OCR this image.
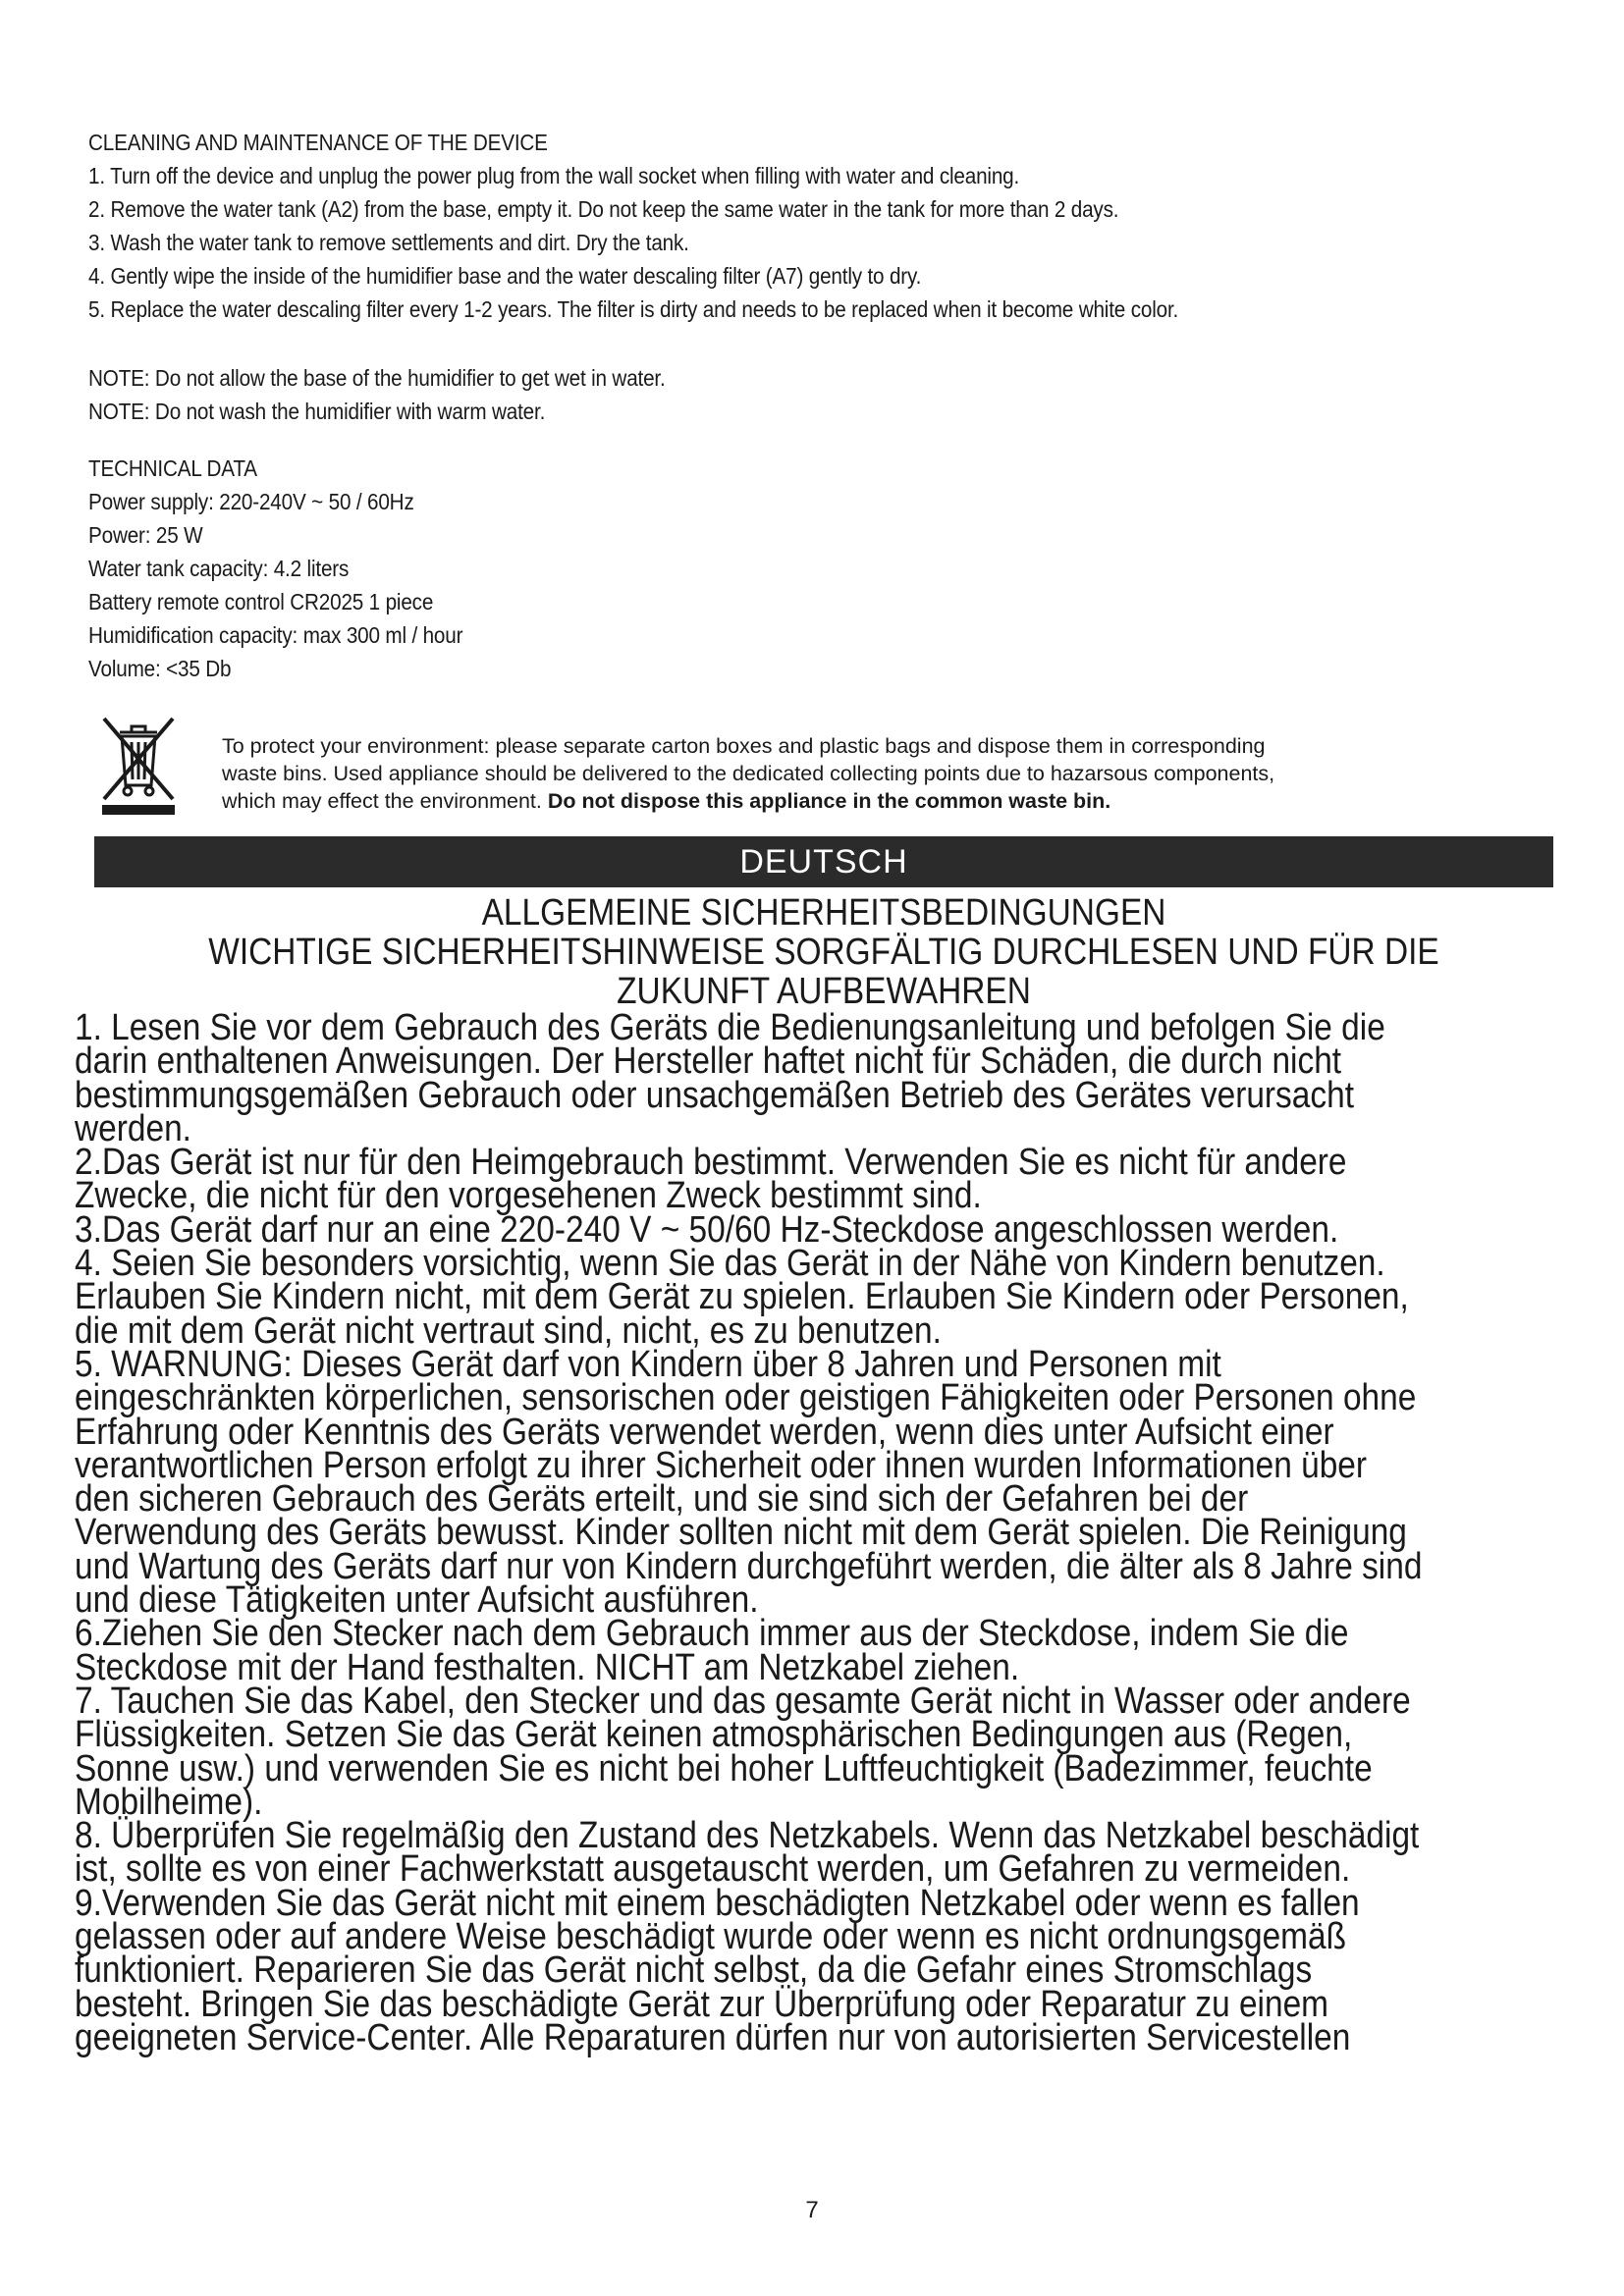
CLEANING AND MAINTENANCE OF THE DEVICE
1. Turn off the device and unplug the power plug from the wall socket when filling with water and cleaning.
2. Remove the water tank (A2) from the base, empty it. Do not keep the same water in the tank for more than 2 days.
3. Wash the water tank to remove settlements and dirt. Dry the tank.
4. Gently wipe the inside of the humidifier base and the water descaling filter (A7) gently to dry.
5. Replace the water descaling filter every 1-2 years. The filter is dirty and needs to be replaced when it become white color.
NOTE: Do not allow the base of the humidifier to get wet in water.
NOTE: Do not wash the humidifier with warm water.
TECHNICAL DATA
Power supply: 220-240V ~ 50 / 60Hz
Power: 25 W
Water tank capacity: 4.2 liters
Battery remote control CR2025 1 piece
Humidification capacity: max 300 ml / hour
Volume: <35 Db
To protect your environment: please separate carton boxes and plastic bags and dispose them in corresponding
waste bins. Used appliance should be delivered to the dedicated collecting points due to hazarsous components,
which may effect the environment. Do not dispose this appliance in the common waste bin.
DEUTSCH
ALLGEMEINE SICHERHEITSBEDINGUNGEN
WICHTIGE SICHERHEITSHINWEISE SORGFÄLTIG DURCHLESEN UND FÜR DIE
ZUKUNFT AUFBEWAHREN
1. Lesen Sie vor dem Gebrauch des Geräts die Bedienungsanleitung und befolgen Sie die
darin enthaltenen Anweisungen. Der Hersteller haftet nicht für Schäden, die durch nicht
bestimmungsgemäßen Gebrauch oder unsachgemäßen Betrieb des Gerätes verursacht
werden.
2.Das Gerät ist nur für den Heimgebrauch bestimmt. Verwenden Sie es nicht für andere
Zwecke, die nicht für den vorgesehenen Zweck bestimmt sind.
3.Das Gerät darf nur an eine 220-240 V ~ 50/60 Hz-Steckdose angeschlossen werden.
4. Seien Sie besonders vorsichtig, wenn Sie das Gerät in der Nähe von Kindern benutzen.
Erlauben Sie Kindern nicht, mit dem Gerät zu spielen. Erlauben Sie Kindern oder Personen,
die mit dem Gerät nicht vertraut sind, nicht, es zu benutzen.
5. WARNUNG: Dieses Gerät darf von Kindern über 8 Jahren und Personen mit
eingeschränkten körperlichen, sensorischen oder geistigen Fähigkeiten oder Personen ohne
Erfahrung oder Kenntnis des Geräts verwendet werden, wenn dies unter Aufsicht einer
verantwortlichen Person erfolgt zu ihrer Sicherheit oder ihnen wurden Informationen über
den sicheren Gebrauch des Geräts erteilt, und sie sind sich der Gefahren bei der
Verwendung des Geräts bewusst. Kinder sollten nicht mit dem Gerät spielen. Die Reinigung
und Wartung des Geräts darf nur von Kindern durchgeführt werden, die älter als 8 Jahre sind
und diese Tätigkeiten unter Aufsicht ausführen.
6.Ziehen Sie den Stecker nach dem Gebrauch immer aus der Steckdose, indem Sie die
Steckdose mit der Hand festhalten. NICHT am Netzkabel ziehen.
7. Tauchen Sie das Kabel, den Stecker und das gesamte Gerät nicht in Wasser oder andere
Flüssigkeiten. Setzen Sie das Gerät keinen atmosphärischen Bedingungen aus (Regen,
Sonne usw.) und verwenden Sie es nicht bei hoher Luftfeuchtigkeit (Badezimmer, feuchte
Mobilheime).
8. Überprüfen Sie regelmäßig den Zustand des Netzkabels. Wenn das Netzkabel beschädigt
ist, sollte es von einer Fachwerkstatt ausgetauscht werden, um Gefahren zu vermeiden.
9.Verwenden Sie das Gerät nicht mit einem beschädigten Netzkabel oder wenn es fallen
gelassen oder auf andere Weise beschädigt wurde oder wenn es nicht ordnungsgemäß
funktioniert. Reparieren Sie das Gerät nicht selbst, da die Gefahr eines Stromschlags
besteht. Bringen Sie das beschädigte Gerät zur Überprüfung oder Reparatur zu einem
geeigneten Service-Center. Alle Reparaturen dürfen nur von autorisierten Servicestellen
7
